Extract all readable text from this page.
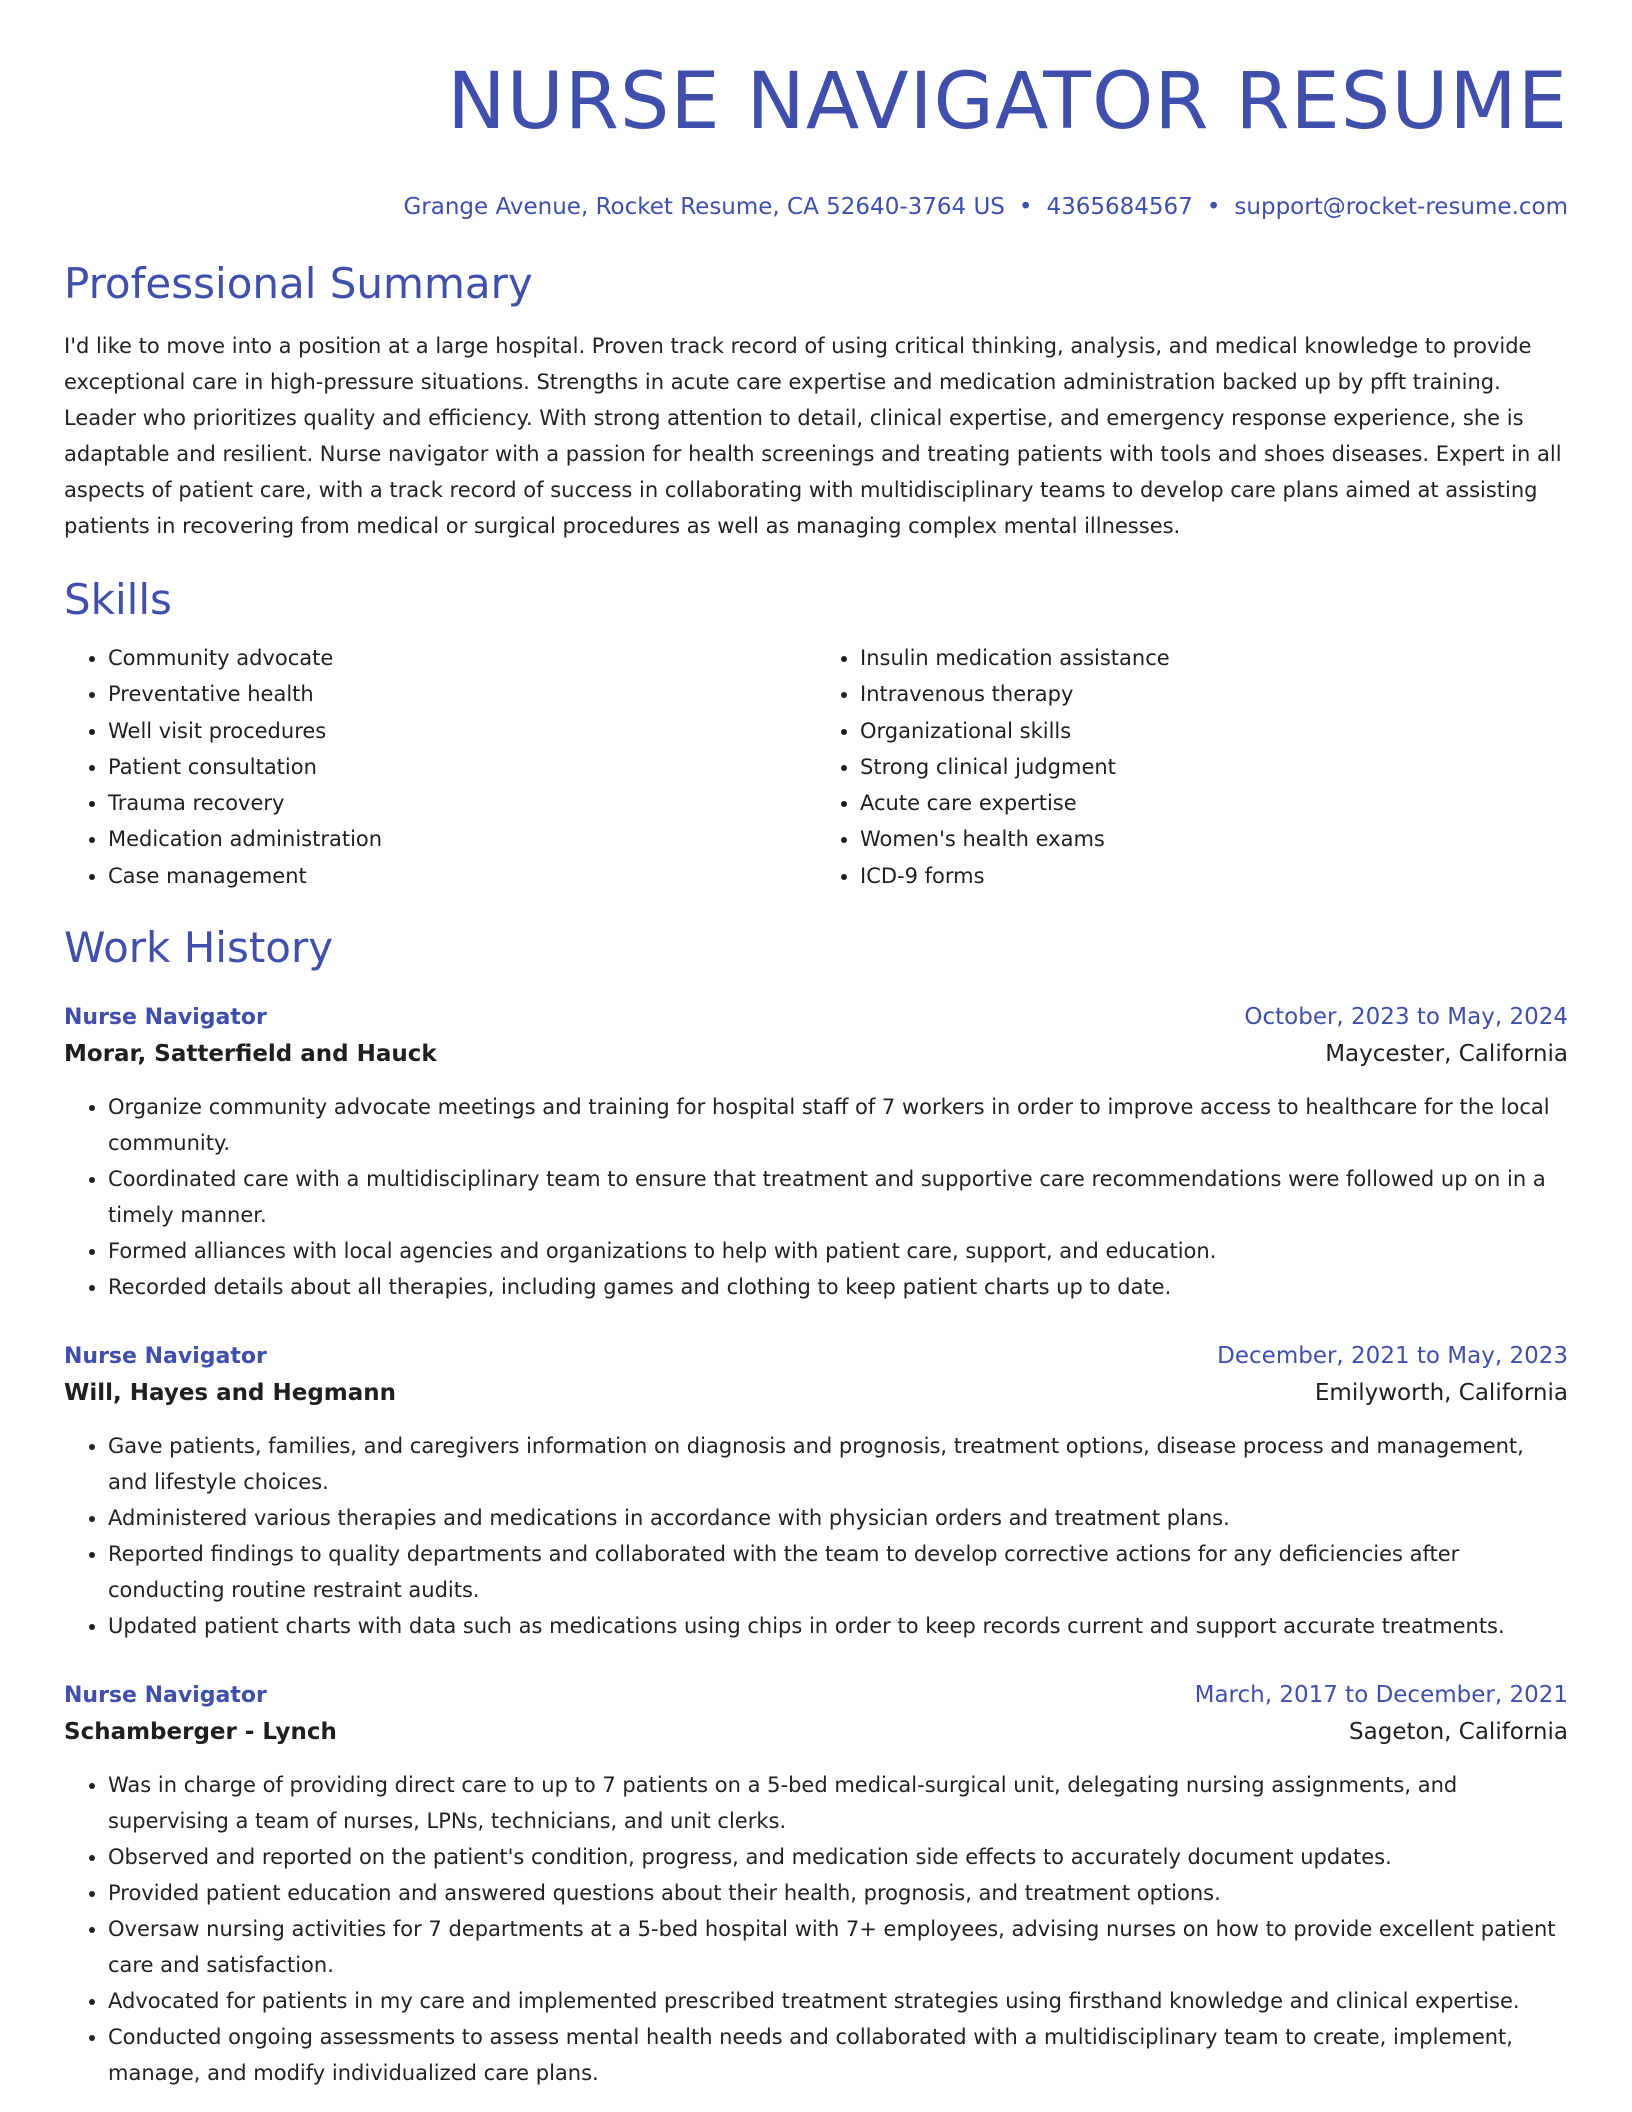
NURSE NAVIGATOR RESUME
Grange Avenue, Rocket Resume, CA 52640-3764 US • 4365684567 • support@rocket-resume.com
Professional Summary

I'd like to move into a position at a large hospital. Proven track record of using critical thinking, analysis, and medical knowledge to provide exceptional care in high-pressure situations. Strengths in acute care expertise and medication administration backed up by pfft training. Leader who prioritizes quality and efficiency. With strong attention to detail, clinical expertise, and emergency response experience, she is adaptable and resilient. Nurse navigator with a passion for health screenings and treating patients with tools and shoes diseases. Expert in all aspects of patient care, with a track record of success in collaborating with multidisciplinary teams to develop care plans aimed at assisting patients in recovering from medical or surgical procedures as well as managing complex mental illnesses.

Skills
• Community advocate
• Preventative health
• Well visit procedures
• Patient consultation
• Trauma recovery
• Medication administration
• Case management
• Insulin medication assistance
• Intravenous therapy
• Organizational skills
• Strong clinical judgment
• Acute care expertise
• Women's health exams
• ICD-9 forms
Work History
Nurse Navigator	October, 2023 to May, 2024
Morar, Satterfield and Hauck	Maycester, California
• Organize community advocate meetings and training for hospital staff of 7 workers in order to improve access to healthcare for the local community.
• Coordinated care with a multidisciplinary team to ensure that treatment and supportive care recommendations were followed up on in a timely manner.
• Formed alliances with local agencies and organizations to help with patient care, support, and education.
• Recorded details about all therapies, including games and clothing to keep patient charts up to date.
Nurse Navigator	December, 2021 to May, 2023
Will, Hayes and Hegmann	Emilyworth, California
• Gave patients, families, and caregivers information on diagnosis and prognosis, treatment options, disease process and management, and lifestyle choices.
• Administered various therapies and medications in accordance with physician orders and treatment plans.
• Reported findings to quality departments and collaborated with the team to develop corrective actions for any deficiencies after conducting routine restraint audits.
• Updated patient charts with data such as medications using chips in order to keep records current and support accurate treatments.
Nurse Navigator	March, 2017 to December, 2021
Schamberger - Lynch	Sageton, California
• Was in charge of providing direct care to up to 7 patients on a 5-bed medical-surgical unit, delegating nursing assignments, and supervising a team of nurses, LPNs, technicians, and unit clerks.
• Observed and reported on the patient's condition, progress, and medication side effects to accurately document updates.
• Provided patient education and answered questions about their health, prognosis, and treatment options.
• Oversaw nursing activities for 7 departments at a 5-bed hospital with 7+ employees, advising nurses on how to provide excellent patient care and satisfaction.
• Advocated for patients in my care and implemented prescribed treatment strategies using firsthand knowledge and clinical expertise.
• Conducted ongoing assessments to assess mental health needs and collaborated with a multidisciplinary team to create, implement, manage, and modify individualized care plans.
